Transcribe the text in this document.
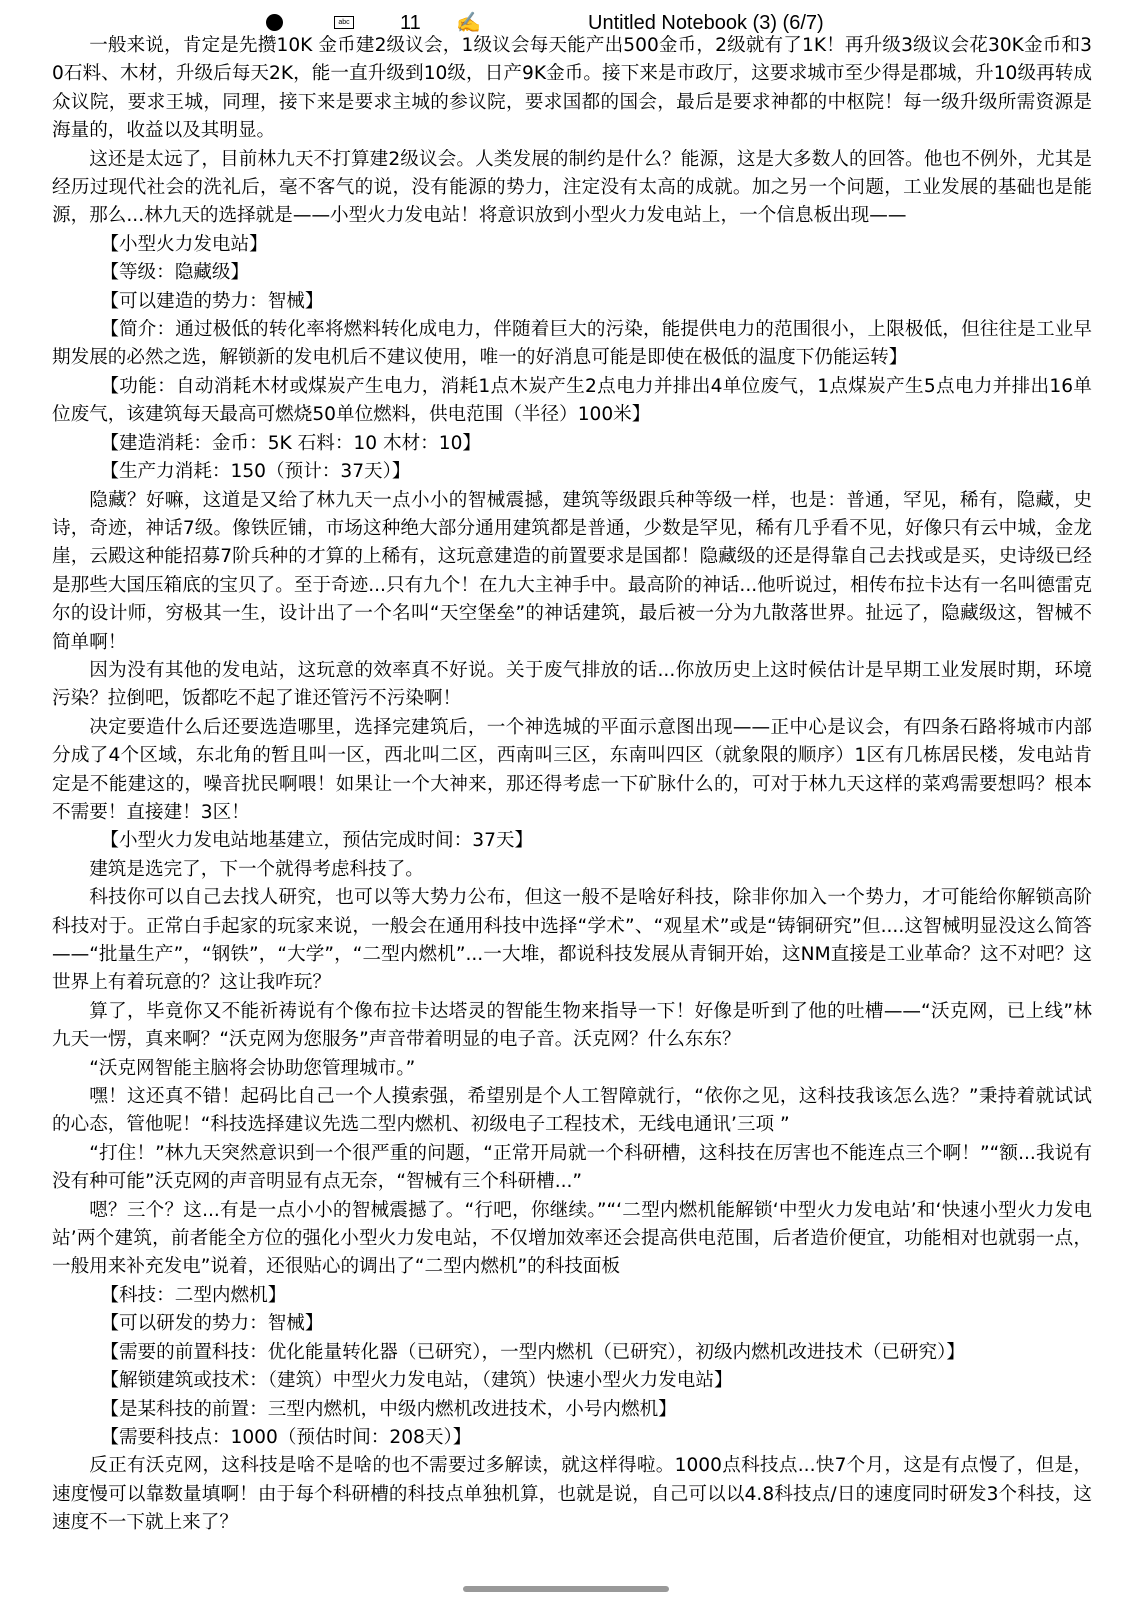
abc	11 ✍	Untitled Notebook (3) (6/7)

一般来说，肯定是先攒10K 金币建2级议会，1级议会每天能产出500金币，2级就有了1K！再升级3级议会花30K金币和30石料、木材，升级后每天2K，能一直升级到10级，日产9K金币。接下来是市政厅，这要求城市至少得是郡城，升10级再转成众议院，要求王城，同理，接下来是要求主城的参议院，要求国都的国会，最后是要求神都的中枢院！每一级升级所需资源是海量的，收益以及其明显。

这还是太远了，目前林九天不打算建2级议会。人类发展的制约是什么？能源，这是大多数人的回答。他也不例外，尤其是经历过现代社会的洗礼后，毫不客气的说，没有能源的势力，注定没有太高的成就。加之另一个问题，工业发展的基础也是能源，那么...林九天的选择就是——小型火力发电站！将意识放到小型火力发电站上，一个信息板出现——

【小型火力发电站】

【等级：隐藏级】

【可以建造的势力：智械】

【简介：通过极低的转化率将燃料转化成电力，伴随着巨大的污染，能提供电力的范围很小，上限极低，但往往是工业早期发展的必然之选，解锁新的发电机后不建议使用，唯一的好消息可能是即使在极低的温度下仍能运转】

【功能：自动消耗木材或煤炭产生电力，消耗1点木炭产生2点电力并排出4单位废气，1点煤炭产生5点电力并排出16单位废气，该建筑每天最高可燃烧50单位燃料，供电范围（半径）100米】

【建造消耗：金币：5K 石料：10 木材：10】

【生产力消耗：150（预计：37天）】

隐藏？好嘛，这道是又给了林九天一点小小的智械震撼，建筑等级跟兵种等级一样，也是：普通，罕见，稀有，隐藏，史诗，奇迹，神话7级。像铁匠铺，市场这种绝大部分通用建筑都是普通，少数是罕见，稀有几乎看不见，好像只有云中城，金龙崖，云殿这种能招募7阶兵种的才算的上稀有，这玩意建造的前置要求是国都！隐藏级的还是得靠自己去找或是买，史诗级已经是那些大国压箱底的宝贝了。至于奇迹...只有九个！在九大主神手中。最高阶的神话...他听说过，相传布拉卡达有一名叫德雷克尔的设计师，穷极其一生，设计出了一个名叫“天空堡垒”的神话建筑，最后被一分为九散落世界。扯远了，隐藏级这，智械不简单啊！

因为没有其他的发电站，这玩意的效率真不好说。关于废气排放的话...你放历史上这时候估计是早期工业发展时期，环境污染？拉倒吧，饭都吃不起了谁还管污不污染啊！

决定要造什么后还要选造哪里，选择完建筑后，一个神选城的平面示意图出现——正中心是议会，有四条石路将城市内部分成了4个区域，东北角的暂且叫一区，西北叫二区，西南叫三区，东南叫四区（就象限的顺序）1区有几栋居民楼，发电站肯定是不能建这的，噪音扰民啊喂！如果让一个大神来，那还得考虑一下矿脉什么的，可对于林九天这样的菜鸡需要想吗？根本不需要！直接建！3区！

【小型火力发电站地基建立，预估完成时间：37天】

建筑是选完了，下一个就得考虑科技了。

科技你可以自己去找人研究，也可以等大势力公布，但这一般不是啥好科技，除非你加入一个势力，才可能给你解锁高阶科技对于。正常白手起家的玩家来说，一般会在通用科技中选择“学术”、“观星术”或是“铸铜研究”但....这智械明显没这么简答——“批量生产”，“钢铁”，“大学”，“二型内燃机”...一大堆，都说科技发展从青铜开始，这NM直接是工业革命？这不对吧？这世界上有着玩意的？这让我咋玩？

算了，毕竟你又不能祈祷说有个像布拉卡达塔灵的智能生物来指导一下！好像是听到了他的吐槽——“沃克网，已上线”林九天一愣，真来啊？“沃克网为您服务”声音带着明显的电子音。沃克网？什么东东？

“沃克网智能主脑将会协助您管理城市。”

嘿！这还真不错！起码比自己一个人摸索强，希望别是个人工智障就行，“依你之见，这科技我该怎么选？”秉持着就试试的心态，管他呢！“科技选择建议先选二型内燃机、初级电子工程技术，无线电通讯’三项 ”

“打住！”林九天突然意识到一个很严重的问题，“正常开局就一个科研槽，这科技在厉害也不能连点三个啊！”“额...我说有没有种可能”沃克网的声音明显有点无奈，“智械有三个科研槽...”

嗯？三个？这...有是一点小小的智械震撼了。“行吧，你继续。”“‘二型内燃机能解锁‘中型火力发电站’和‘快速小型火力发电站’两个建筑，前者能全方位的强化小型火力发电站，不仅增加效率还会提高供电范围，后者造价便宜，功能相对也就弱一点，一般用来补充发电”说着，还很贴心的调出了“二型内燃机”的科技面板

【科技：二型内燃机】

【可以研发的势力：智械】

【需要的前置科技：优化能量转化器（已研究），一型内燃机（已研究），初级内燃机改进技术（已研究）】

【解锁建筑或技术：（建筑）中型火力发电站，（建筑）快速小型火力发电站】

【是某科技的前置：三型内燃机，中级内燃机改进技术，小号内燃机】

【需要科技点：1000（预估时间：208天）】

反正有沃克网，这科技是啥不是啥的也不需要过多解读，就这样得啦。1000点科技点...快7个月，这是有点慢了，但是，速度慢可以靠数量填啊！由于每个科研槽的科技点单独机算，也就是说，自己可以以4.8科技点/日的速度同时研发3个科技，这速度不一下就上来了？
